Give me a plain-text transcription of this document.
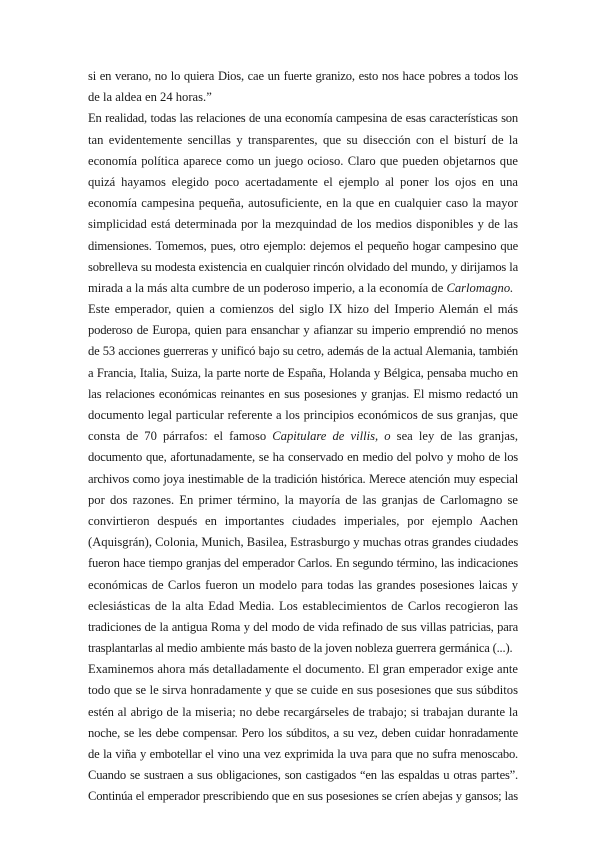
si en verano, no lo quiera Dios, cae un fuerte granizo, esto nos hace pobres a todos los
de la aldea en 24 horas.”
En realidad, todas las relaciones de una economía campesina de esas características son
tan evidentemente sencillas y transparentes, que su disección con el bisturí de la
economía política aparece como un juego ocioso. Claro que pueden objetarnos que
quizá hayamos elegido poco acertadamente el ejemplo al poner los ojos en una
economía campesina pequeña, autosuficiente, en la que en cualquier caso la mayor
simplicidad está determinada por la mezquindad de los medios disponibles y de las
dimensiones. Tomemos, pues, otro ejemplo: dejemos el pequeño hogar campesino que
sobrelleva su modesta existencia en cualquier rincón olvidado del mundo, y dirijamos la
mirada a la más alta cumbre de un poderoso imperio, a la economía de Carlomagno.
Este emperador, quien a comienzos del siglo IX hizo del Imperio Alemán el más
poderoso de Europa, quien para ensanchar y afianzar su imperio emprendió no menos
de 53 acciones guerreras y unificó bajo su cetro, además de la actual Alemania, también
a Francia, Italia, Suiza, la parte norte de España, Holanda y Bélgica, pensaba mucho en
las relaciones económicas reinantes en sus posesiones y granjas. El mismo redactó un
documento legal particular referente a los principios económicos de sus granjas, que
consta de 70 párrafos: el famoso Capitulare de villis, o sea ley de las granjas,
documento que, afortunadamente, se ha conservado en medio del polvo y moho de los
archivos como joya inestimable de la tradición histórica. Merece atención muy especial
por dos razones. En primer término, la mayoría de las granjas de Carlomagno se
convirtieron después en importantes ciudades imperiales, por ejemplo Aachen
(Aquisgrán), Colonia, Munich, Basilea, Estrasburgo y muchas otras grandes ciudades
fueron hace tiempo granjas del emperador Carlos. En segundo término, las indicaciones
económicas de Carlos fueron un modelo para todas las grandes posesiones laicas y
eclesiásticas de la alta Edad Media. Los establecimientos de Carlos recogieron las
tradiciones de la antigua Roma y del modo de vida refinado de sus villas patricias, para
trasplantarlas al medio ambiente más basto de la joven nobleza guerrera germánica (...).
Examinemos ahora más detalladamente el documento. El gran emperador exige ante
todo que se le sirva honradamente y que se cuide en sus posesiones que sus súbditos
estén al abrigo de la miseria; no debe recargárseles de trabajo; si trabajan durante la
noche, se les debe compensar. Pero los súbditos, a su vez, deben cuidar honradamente
de la viña y embotellar el vino una vez exprimida la uva para que no sufra menoscabo.
Cuando se sustraen a sus obligaciones, son castigados “en las espaldas u otras partes”.
Continúa el emperador prescribiendo que en sus posesiones se críen abejas y gansos; las
